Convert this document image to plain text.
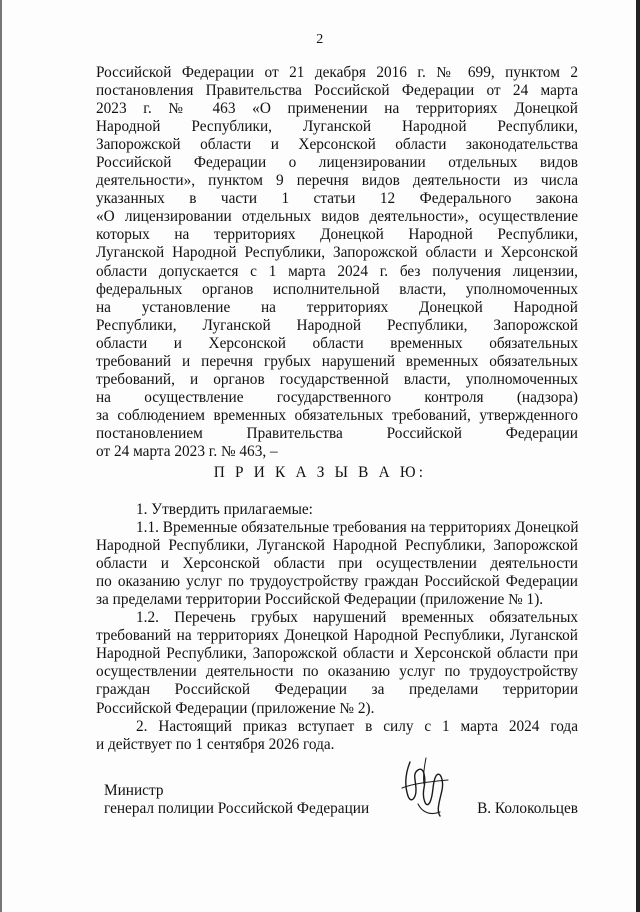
2
Российской Федерации от 21 декабря 2016 г. № 699, пунктом 2
постановления Правительства Российской Федерации от 24 марта
2023 г. № 463 «О применении на территориях Донецкой
Народной Республики, Луганской Народной Республики,
Запорожской области и Херсонской области законодательства
Российской Федерации о лицензировании отдельных видов
деятельности», пунктом 9 перечня видов деятельности из числа
указанных в части 1 статьи 12 Федерального закона
«О лицензировании отдельных видов деятельности», осуществление
которых на территориях Донецкой Народной Республики,
Луганской Народной Республики, Запорожской области и Херсонской
области допускается с 1 марта 2024 г. без получения лицензии,
федеральных органов исполнительной власти, уполномоченных
на установление на территориях Донецкой Народной
Республики, Луганской Народной Республики, Запорожской
области и Херсонской области временных обязательных
требований и перечня грубых нарушений временных обязательных
требований, и органов государственной власти, уполномоченных
на осуществление государственного контроля (надзора)
за соблюдением временных обязательных требований, утвержденного
постановлением Правительства Российской Федерации
от 24 марта 2023 г. № 463, –
П Р И К А З Ы В А Ю:
1. Утвердить прилагаемые:
1.1. Временные обязательные требования на территориях Донецкой
Народной Республики, Луганской Народной Республики, Запорожской
области и Херсонской области при осуществлении деятельности
по оказанию услуг по трудоустройству граждан Российской Федерации
за пределами территории Российской Федерации (приложение № 1).
1.2. Перечень грубых нарушений временных обязательных
требований на территориях Донецкой Народной Республики, Луганской
Народной Республики, Запорожской области и Херсонской области при
осуществлении деятельности по оказанию услуг по трудоустройству
граждан Российской Федерации за пределами территории
Российской Федерации (приложение № 2).
2. Настоящий приказ вступает в силу с 1 марта 2024 года
и действует по 1 сентября 2026 года.
Министр
генерал полиции Российской Федерации	В. Колокольцев
